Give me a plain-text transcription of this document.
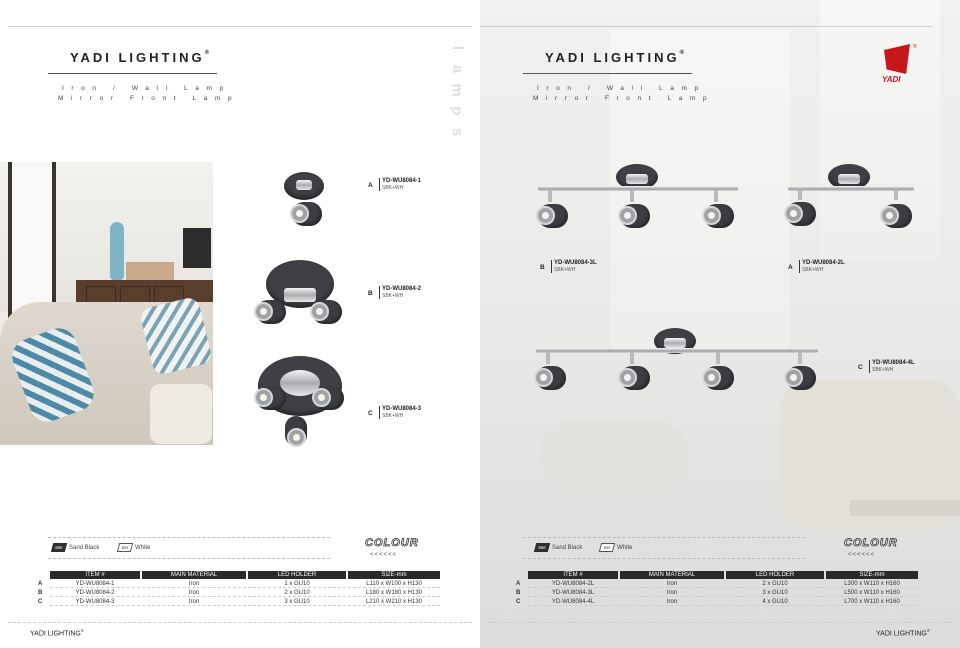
YADI LIGHTING®
Iron / Wall Lamp
Mirror Front Lamp
l
a
m
p
s
A
YD-WU8084-1
SBK+WH
B
YD-WU8084-2
SBK+WH
C
YD-WU8084-3
SBK+WH
SBK Sand Black	WH	White	COLOUR
<<<<<<
	ITEM #	MAIN MATERIAL	LED HOLDER	SIZE-mm
A	YD-WU8084-1	Iron	1 x GU10	L110 x W100 x H130
B	YD-WU8084-2	Iron	2 x GU10	L180 x W180 x H130
C	YD-WU8084-3	Iron	3 x GU10	L210 x W210 x H130
YADI LIGHTING®
YADI LIGHTING®
Iron / Wall Lamp
Mirror Front Lamp
YADI
®
B
YD-WU8084-3L
SBK+WH	A
YD-WU8084-2L
SBK+WH
C
YD-WU8084-4L
SBK+WH
SBK Sand Black	WH	White	COLOUR
<<<<<<
	ITEM #	MAIN MATERIAL	LED HOLDER	SIZE-mm
A	YD-WU8084-2L	Iron	2 x GU10	L300 x W110 x H160
B	YD-WU8084-3L	Iron	3 x GU10	L500 x W110 x H160
C	YD-WU8084-4L	Iron	4 x GU10	L700 x W110 x H160
YADI LIGHTING®
